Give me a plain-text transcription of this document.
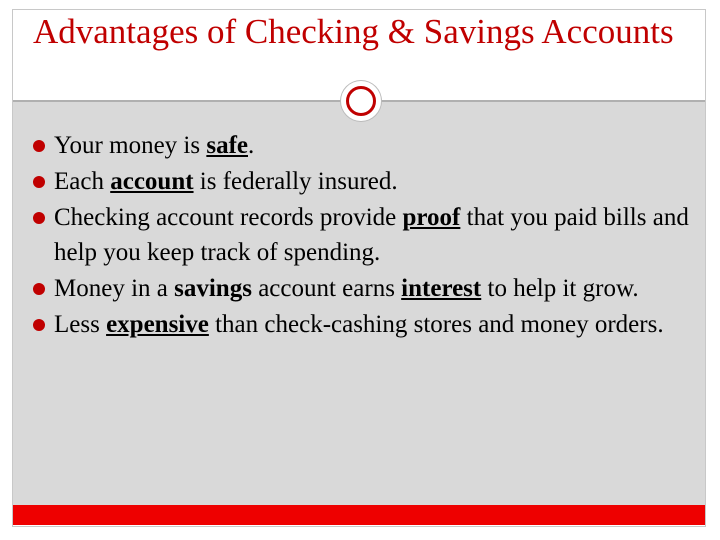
Advantages of Checking & Savings Accounts
Your money is safe.
Each account is federally insured.
Checking account records provide proof that you paid bills and help you keep track of spending.
Money in a savings account earns interest to help it grow.
Less expensive than check-cashing stores and money orders.
